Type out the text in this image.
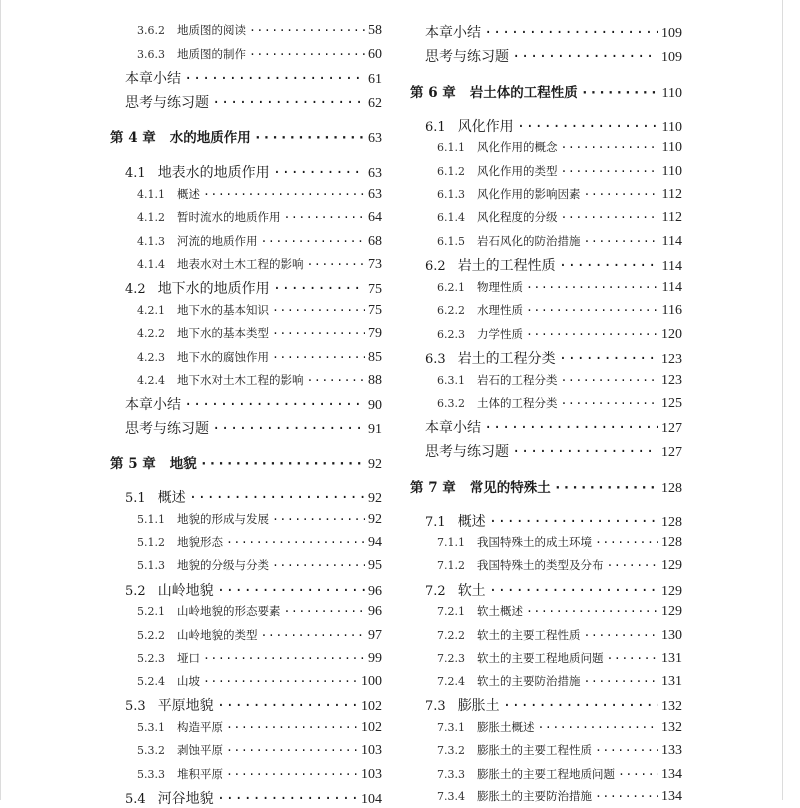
3.6.2 地质图的阅读 ·····	58
3.6.3 地质图的制作 ·····	60
本章小结 ·····	61
思考与练习题 ·····	62
第 4 章 水的地质作用 ·····	63
4.1 地表水的地质作用 ·····	63
4.1.1 概述 ·····	63
4.1.2 暂时流水的地质作用 ·····	64
4.1.3 河流的地质作用 ·····	68
4.1.4 地表水对土木工程的影响 ·····	73
4.2 地下水的地质作用 ·····	75
4.2.1 地下水的基本知识 ·····	75
4.2.2 地下水的基本类型 ·····	79
4.2.3 地下水的腐蚀作用 ·····	85
4.2.4 地下水对土木工程的影响 ·····	88
本章小结 ·····	90
思考与练习题 ·····	91
第 5 章 地貌 ·····	92
5.1 概述 ·····	92
5.1.1 地貌的形成与发展 ·····	92
5.1.2 地貌形态 ·····	94
5.1.3 地貌的分级与分类 ·····	95
5.2 山岭地貌 ·····	96
5.2.1 山岭地貌的形态要素 ·····	96
5.2.2 山岭地貌的类型 ·····	97
5.2.3 垭口 ·····	99
5.2.4 山坡 ·····	100
5.3 平原地貌 ·····	102
5.3.1 构造平原 ·····	102
5.3.2 剥蚀平原 ·····	103
5.3.3 堆积平原 ·····	103
5.4 河谷地貌 ·····	104
本章小结 ·····	109
思考与练习题 ·····	109
第 6 章 岩土体的工程性质 ·····	110
6.1 风化作用 ·····	110
6.1.1 风化作用的概念 ·····	110
6.1.2 风化作用的类型 ·····	110
6.1.3 风化作用的影响因素 ·····	112
6.1.4 风化程度的分级 ·····	112
6.1.5 岩石风化的防治措施 ·····	114
6.2 岩土的工程性质 ·····	114
6.2.1 物理性质 ·····	114
6.2.2 水理性质 ·····	116
6.2.3 力学性质 ·····	120
6.3 岩土的工程分类 ·····	123
6.3.1 岩石的工程分类 ·····	123
6.3.2 土体的工程分类 ·····	125
本章小结 ·····	127
思考与练习题 ·····	127
第 7 章 常见的特殊土 ·····	128
7.1 概述 ·····	128
7.1.1 我国特殊土的成土环境 ·····	128
7.1.2 我国特殊土的类型及分布 ·····	129
7.2 软土 ·····	129
7.2.1 软土概述 ·····	129
7.2.2 软土的主要工程性质 ·····	130
7.2.3 软土的主要工程地质问题 ·····	131
7.2.4 软土的主要防治措施 ·····	131
7.3 膨胀土 ·····	132
7.3.1 膨胀土概述 ·····	132
7.3.2 膨胀土的主要工程性质 ·····	133
7.3.3 膨胀土的主要工程地质问题 ·····	134
7.3.4 膨胀土的主要防治措施 ·····	134
